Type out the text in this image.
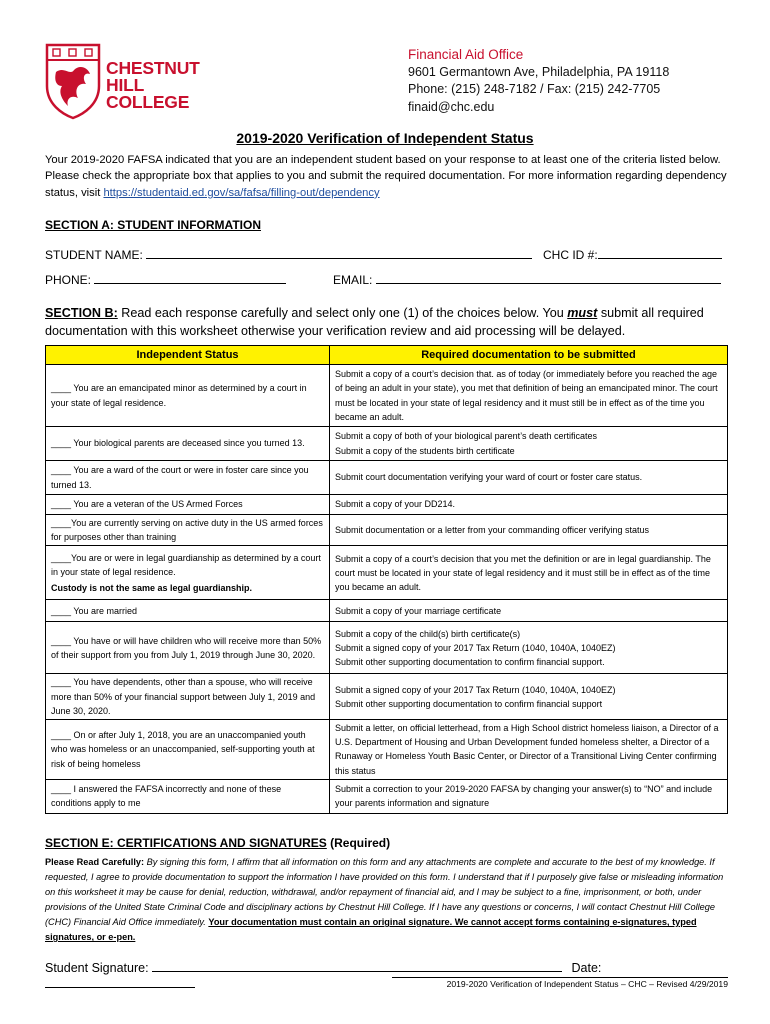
CHESTNUT
HILL
COLLEGE
Financial Aid Office
9601 Germantown Ave, Philadelphia, PA 19118
Phone: (215) 248-7182 / Fax: (215) 242-7705
finaid@chc.edu
2019-2020 Verification of Independent Status
Your 2019-2020 FAFSA indicated that you are an independent student based on your response to at least one of the criteria listed below. Please check the appropriate box that applies to you and submit the required documentation. For more information regarding dependency status, visit https://studentaid.ed.gov/sa/fafsa/filling-out/dependency
SECTION A: STUDENT INFORMATION
STUDENT NAME:	CHC ID #:
PHONE:	EMAIL:
SECTION B: Read each response carefully and select only one (1) of the choices below. You must submit all required documentation with this worksheet otherwise your verification review and aid processing will be delayed.
Independent Status	Required documentation to be submitted
____ You are an emancipated minor as determined by a court in your state of legal residence.	Submit a copy of a court’s decision that. as of today (or immediately before you reached the age of being an adult in your state), you met that definition of being an emancipated minor. The court must be located in your state of legal residency and it must still be in effect as of the time you became an adult.
____ Your biological parents are deceased since you turned 13.	Submit a copy of both of your biological parent’s death certificates
Submit a copy of the students birth certificate
____ You are a ward of the court or were in foster care since you turned 13.	Submit court documentation verifying your ward of court or foster care status.
____ You are a veteran of the US Armed Forces	Submit a copy of your DD214.
____You are currently serving on active duty in the US armed forces for purposes other than training	Submit documentation or a letter from your commanding officer verifying status
____You are or were in legal guardianship as determined by a court in your state of legal residence.
Custody is not the same as legal guardianship.	Submit a copy of a court’s decision that you met the definition or are in legal guardianship. The court must be located in your state of legal residency and it must still be in effect as of the time you became an adult.
____ You are married	Submit a copy of your marriage certificate
____ You have or will have children who will receive more than 50% of their support from you from July 1, 2019 through June 30, 2020.	Submit a copy of the child(s) birth certificate(s)
Submit a signed copy of your 2017 Tax Return (1040, 1040A, 1040EZ)
Submit other supporting documentation to confirm financial support.
____ You have dependents, other than a spouse, who will receive more than 50% of your financial support between July 1, 2019 and June 30, 2020.	Submit a signed copy of your 2017 Tax Return (1040, 1040A, 1040EZ)
Submit other supporting documentation to confirm financial support
____ On or after July 1, 2018, you are an unaccompanied youth who was homeless or an unaccompanied, self-supporting youth at risk of being homeless	Submit a letter, on official letterhead, from a High School district homeless liaison, a Director of a U.S. Department of Housing and Urban Development funded homeless shelter, a Director of a Runaway or Homeless Youth Basic Center, or Director of a Transitional Living Center confirming this status
____ I answered the FAFSA incorrectly and none of these conditions apply to me	Submit a correction to your 2019-2020 FAFSA by changing your answer(s) to “NO” and include your parents information and signature
SECTION E: CERTIFICATIONS AND SIGNATURES (Required)
Please Read Carefully: By signing this form, I affirm that all information on this form and any attachments are complete and accurate to the best of my knowledge. If requested, I agree to provide documentation to support the information I have provided on this form. I understand that if I purposely give false or misleading information on this worksheet it may be cause for denial, reduction, withdrawal, and/or repayment of financial aid, and I may be subject to a fine, imprisonment, or both, under provisions of the United State Criminal Code and disciplinary actions by Chestnut Hill College. If I have any questions or concerns, I will contact Chestnut Hill College (CHC) Financial Aid Office immediately. Your documentation must contain an original signature. We cannot accept forms containing e-signatures, typed signatures, or e-pen.
Student Signature:	Date:
2019-2020 Verification of Independent Status – CHC – Revised 4/29/2019
